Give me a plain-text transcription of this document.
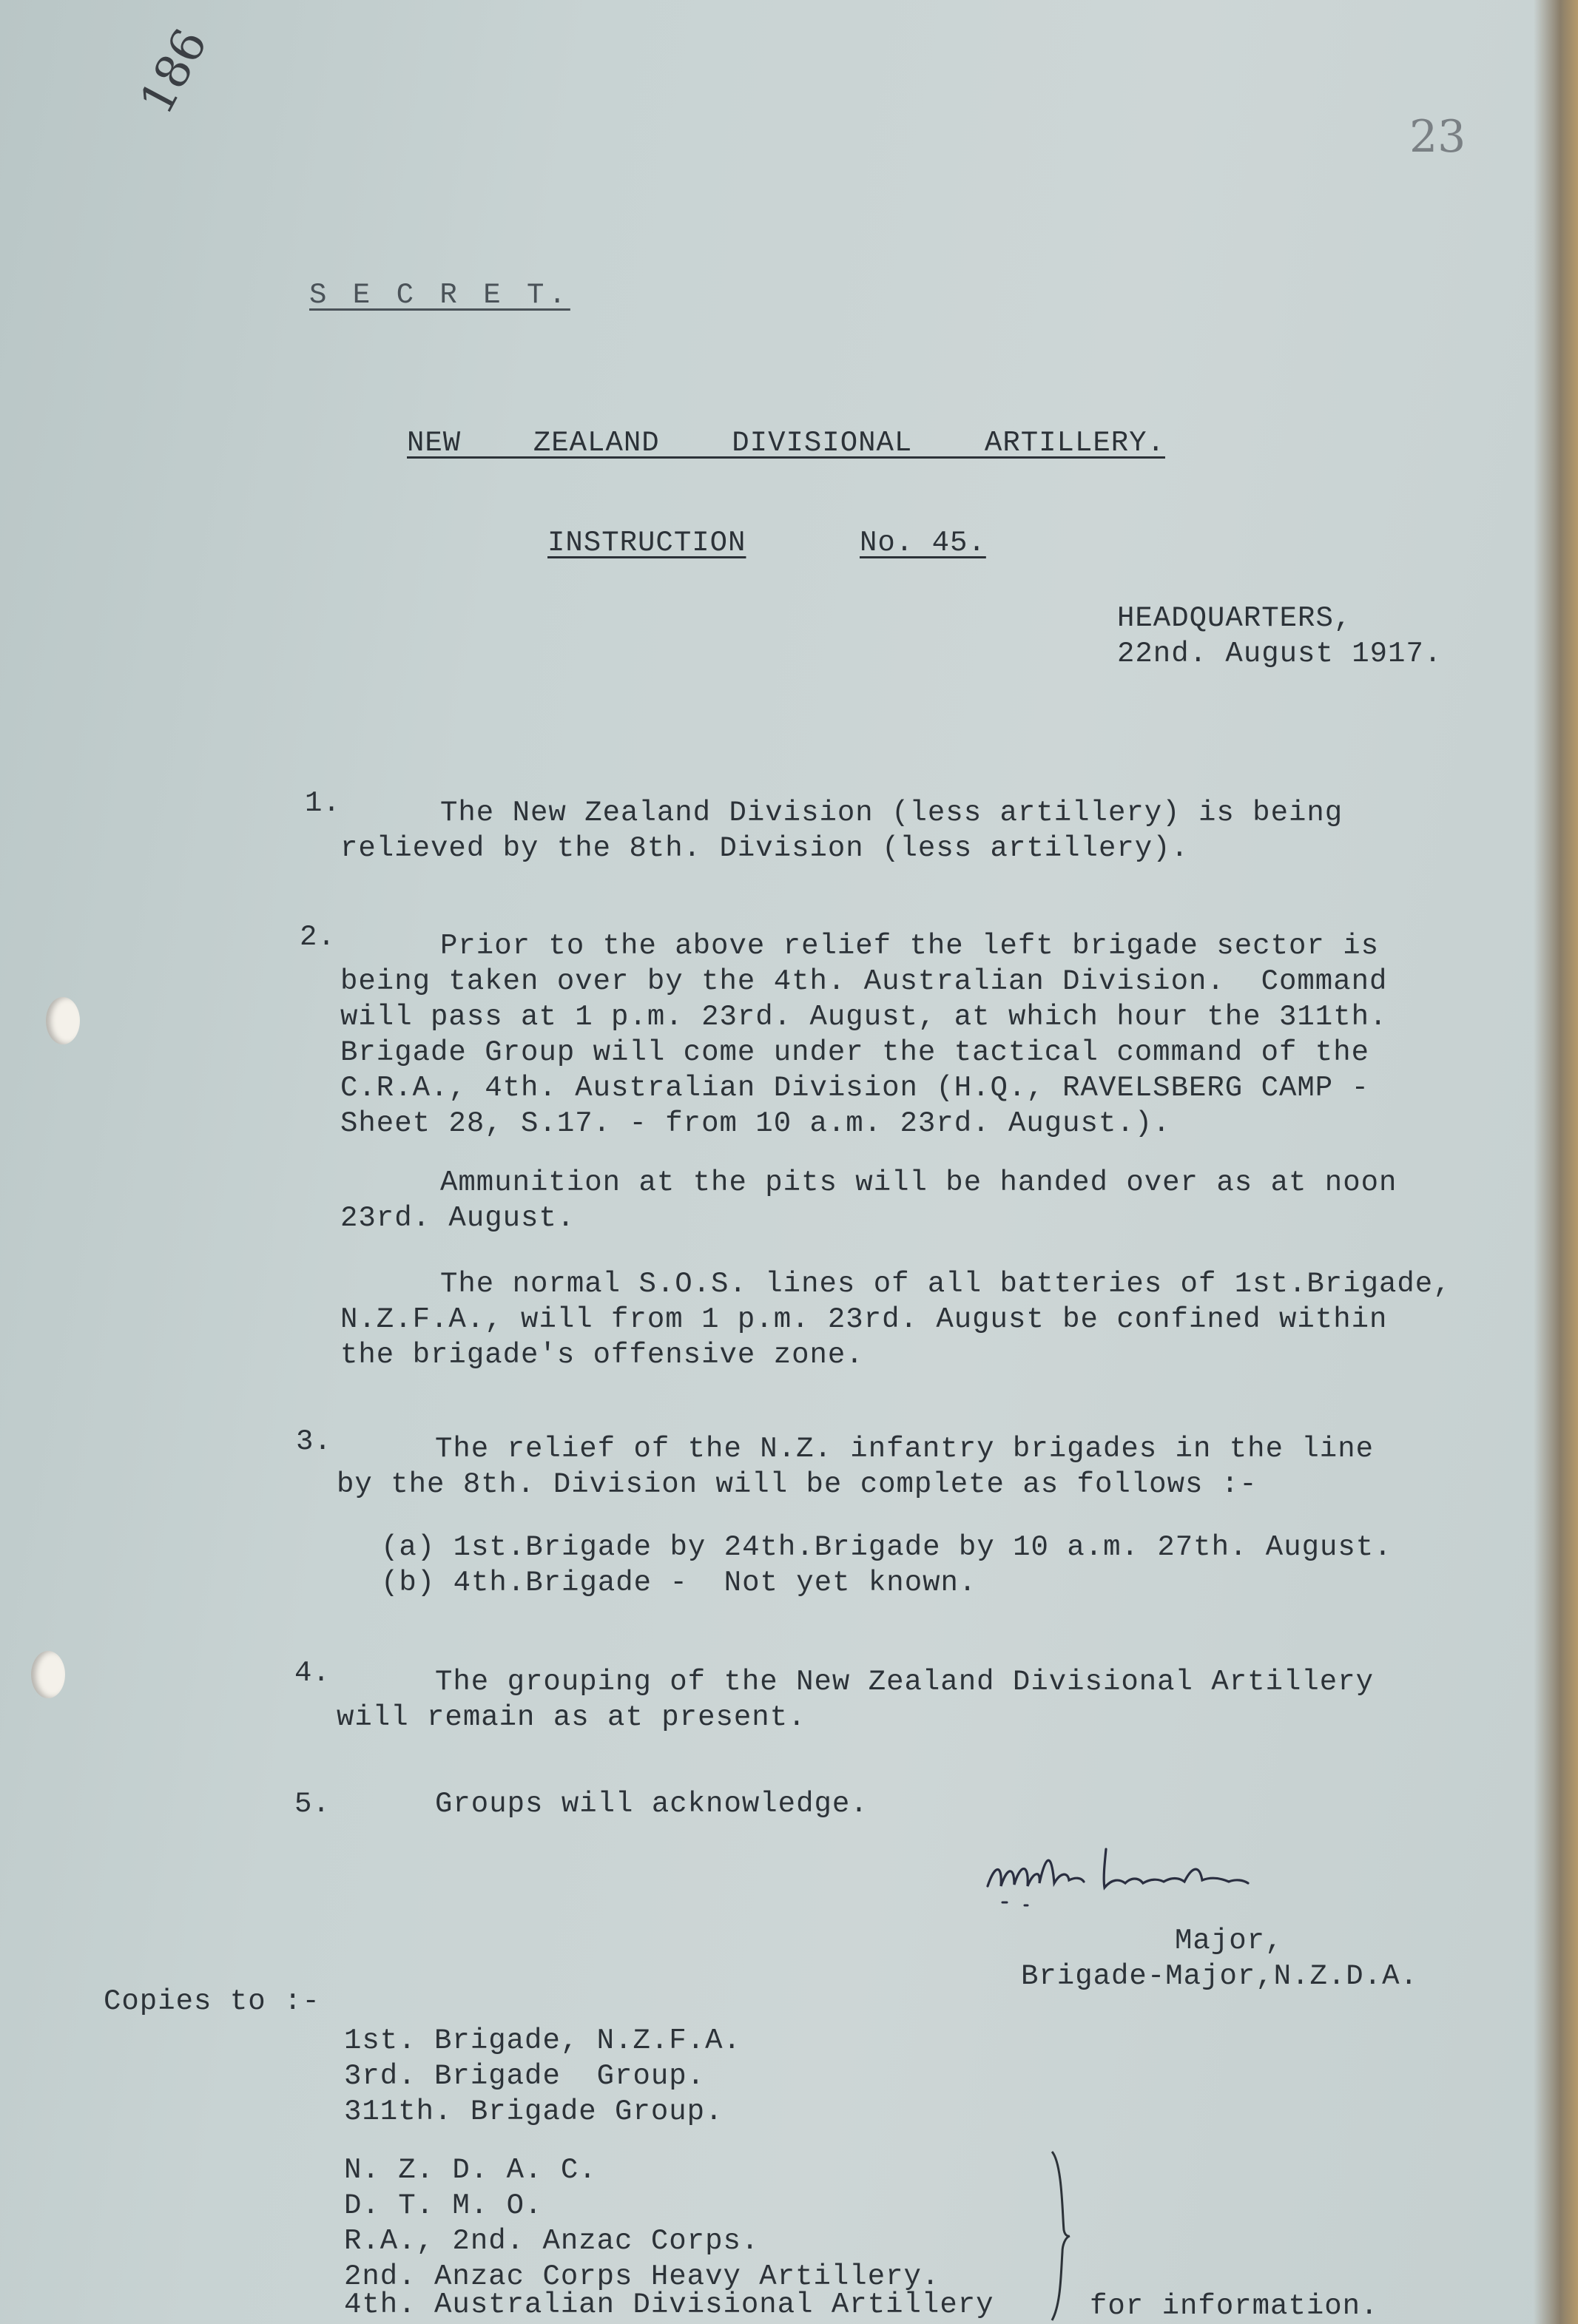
186
23
S E C R E T.
NEW    ZEALAND    DIVISIONAL    ARTILLERY.
INSTRUCTION	No. 45.
HEADQUARTERS,
22nd. August 1917.
1.	The New Zealand Division (less artillery) is being
relieved by the 8th. Division (less artillery).
2.	Prior to the above relief the left brigade sector is
being taken over by the 4th. Australian Division.  Command
will pass at 1 p.m. 23rd. August, at which hour the 311th.
Brigade Group will come under the tactical command of the
C.R.A., 4th. Australian Division (H.Q., RAVELSBERG CAMP -
Sheet 28, S.17. - from 10 a.m. 23rd. August.).
Ammunition at the pits will be handed over as at noon
23rd. August.
The normal S.O.S. lines of all batteries of 1st.Brigade,
N.Z.F.A., will from 1 p.m. 23rd. August be confined within
the brigade's offensive zone.
3.	The relief of the N.Z. infantry brigades in the line
by the 8th. Division will be complete as follows :-
(a) 1st.Brigade by 24th.Brigade by 10 a.m. 27th. August.
(b) 4th.Brigade -  Not yet known.
4.	The grouping of the New Zealand Divisional Artillery
will remain as at present.
5.	Groups will acknowledge.
Major,
Brigade-Major,N.Z.D.A.
Copies to :-
1st. Brigade, N.Z.F.A.
3rd. Brigade  Group.
311th. Brigade Group.
N. Z. D. A. C.
D. T. M. O.
R.A., 2nd. Anzac Corps.
2nd. Anzac Corps Heavy Artillery.
4th. Australian Divisional Artillery	for information.
